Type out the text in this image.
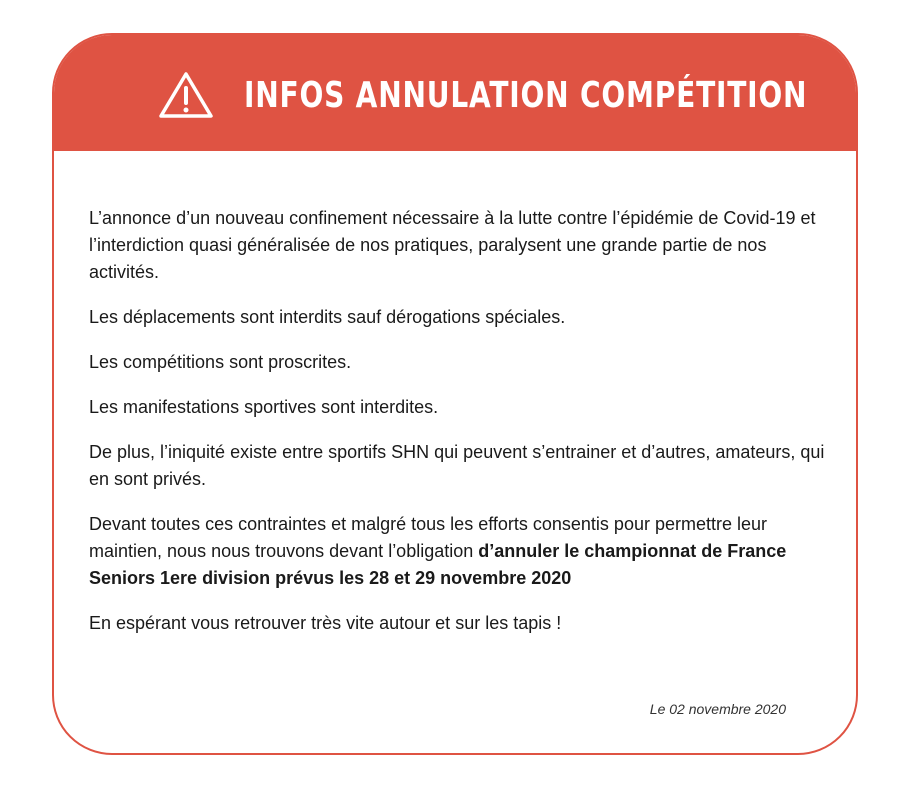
INFOS ANNULATION COMPÉTITION

L’annonce d’un nouveau confinement nécessaire à la lutte contre l’épidémie de Covid-19 et l’interdiction quasi généralisée de nos pratiques, paralysent une grande partie de nos activités.

Les déplacements sont interdits sauf dérogations spéciales.

Les compétitions sont proscrites.

Les manifestations sportives sont interdites.

De plus, l’iniquité existe entre sportifs SHN qui peuvent s’entrainer et d’autres, amateurs, qui en sont privés.

Devant toutes ces contraintes et malgré tous les efforts consentis pour permettre leur maintien, nous nous trouvons devant l’obligation d’annuler le championnat de France Seniors 1ere division prévus les 28 et 29 novembre 2020

En espérant vous retrouver très vite autour et sur les tapis !

Le 02 novembre 2020
